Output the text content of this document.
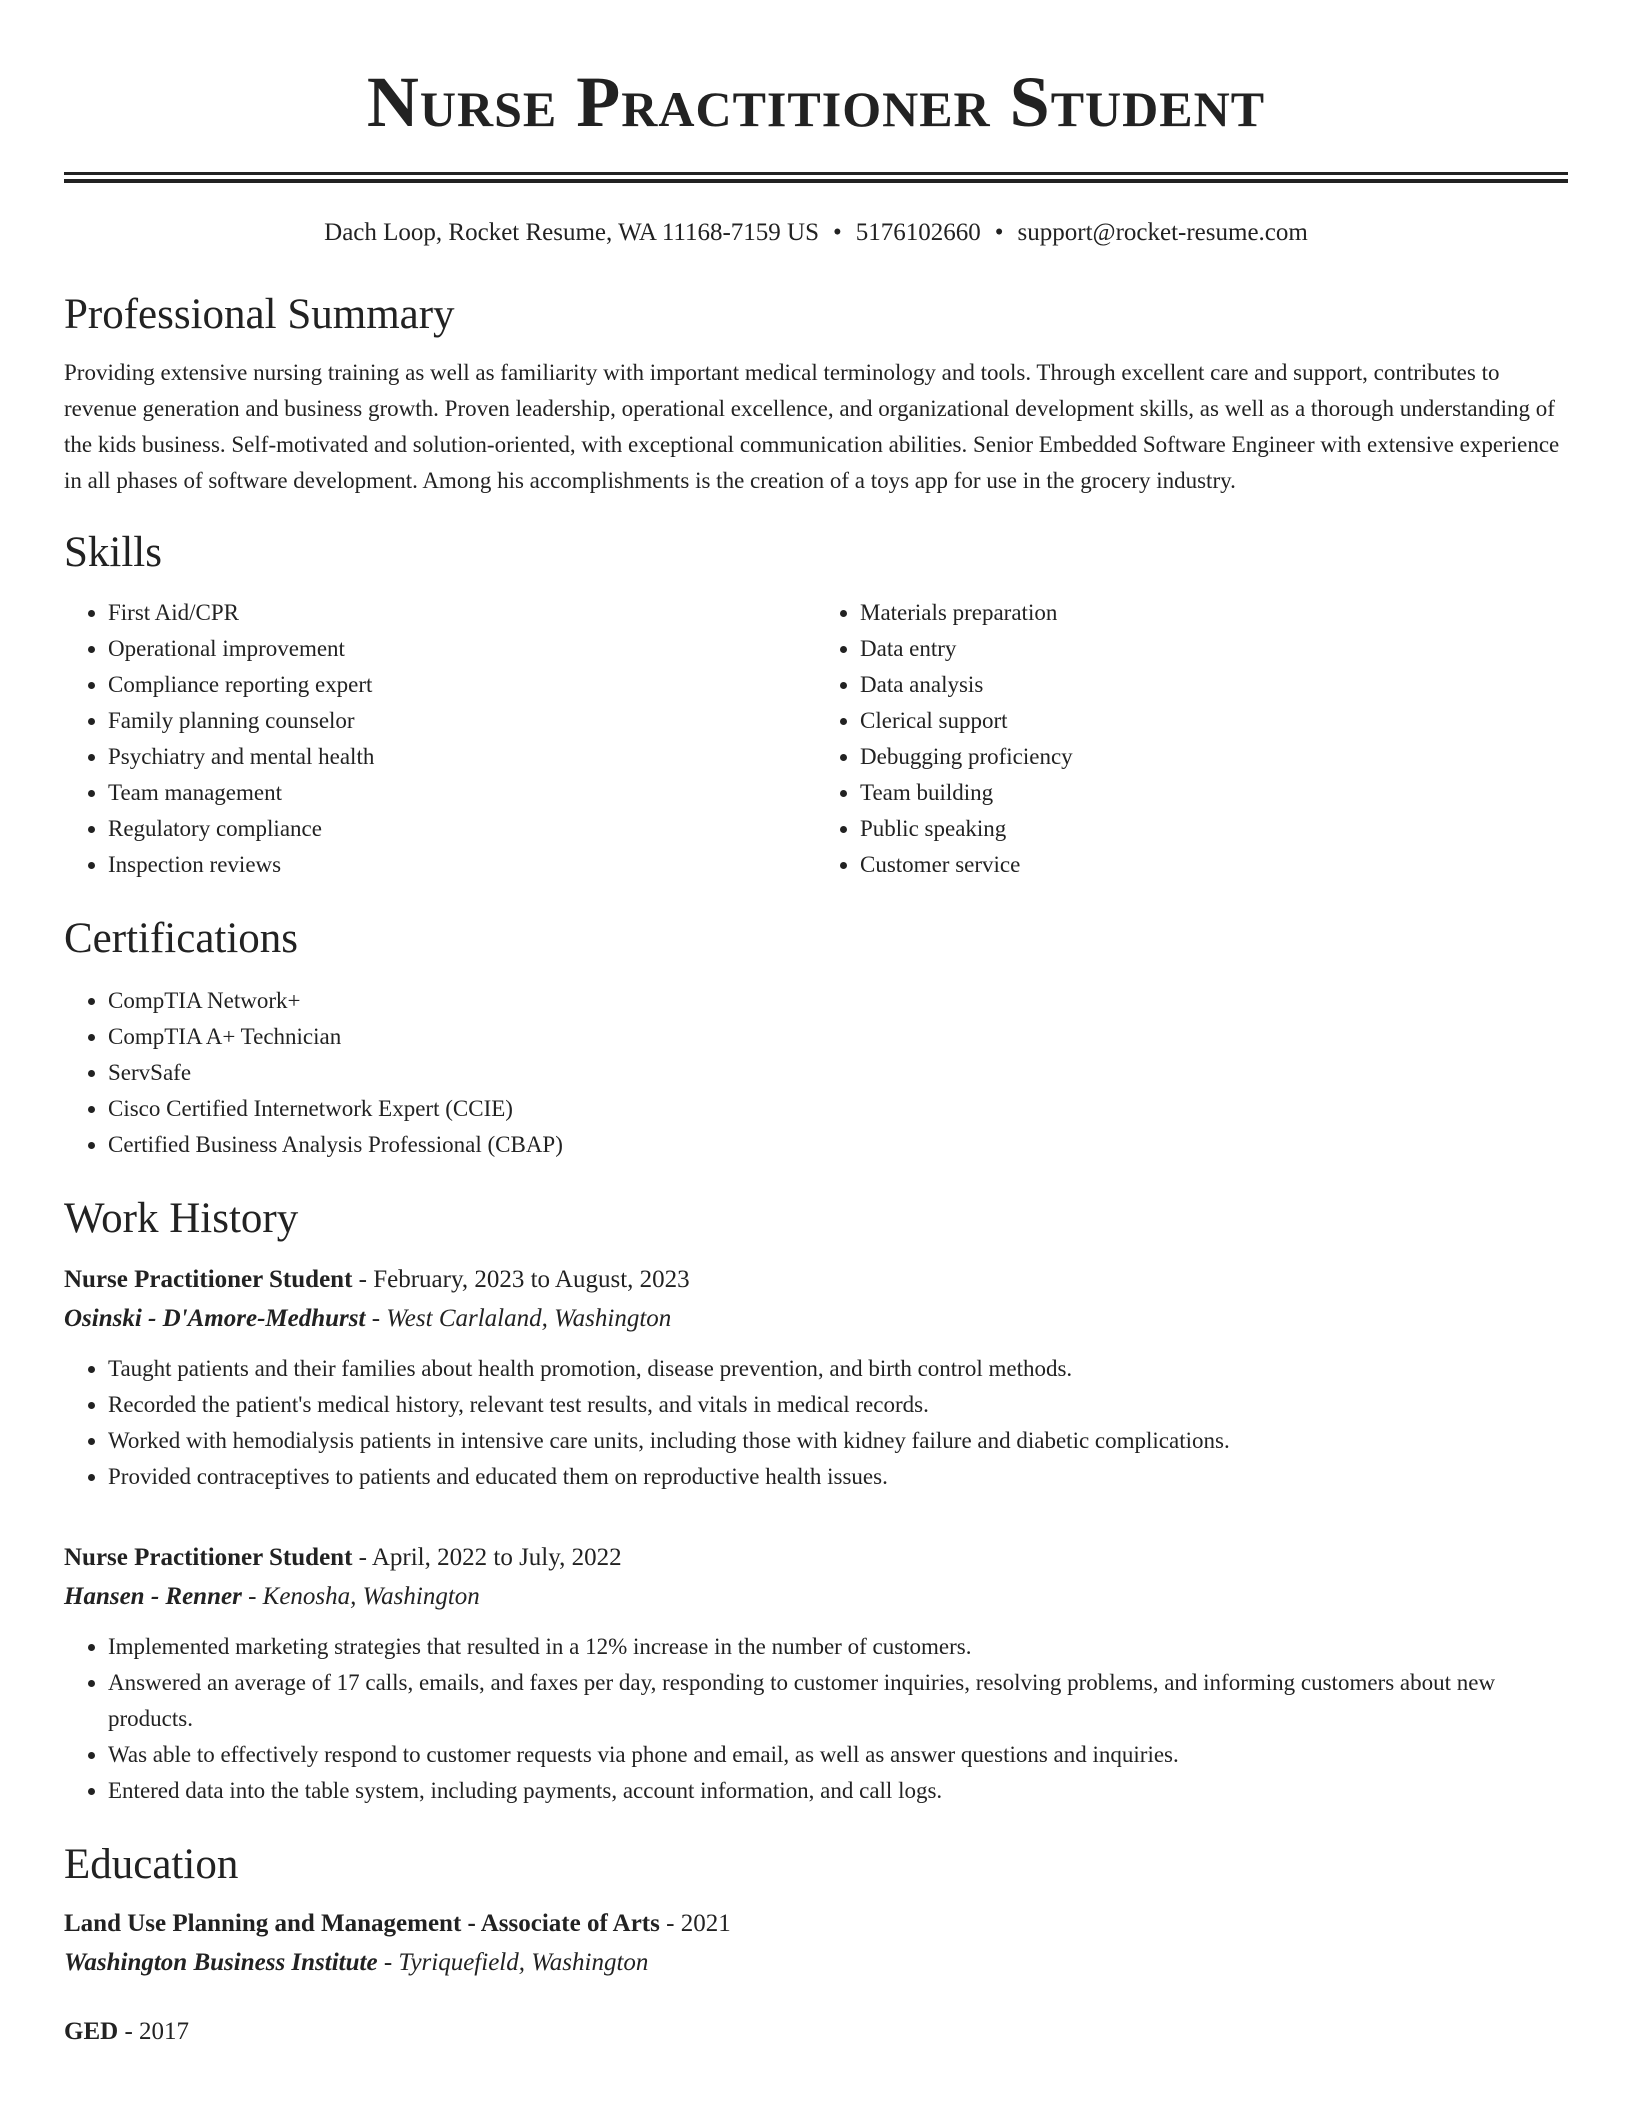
Nurse Practitioner Student
Dach Loop, Rocket Resume, WA 11168-7159 US • 5176102660 • support@rocket-resume.com
Professional Summary

Providing extensive nursing training as well as familiarity with important medical terminology and tools. Through excellent care and support, contributes to revenue generation and business growth. Proven leadership, operational excellence, and organizational development skills, as well as a thorough understanding of the kids business. Self-motivated and solution-oriented, with exceptional communication abilities. Senior Embedded Software Engineer with extensive experience in all phases of software development. Among his accomplishments is the creation of a toys app for use in the grocery industry.

Skills
• First Aid/CPR
• Operational improvement
• Compliance reporting expert
• Family planning counselor
• Psychiatry and mental health
• Team management
• Regulatory compliance
• Inspection reviews
• Materials preparation
• Data entry
• Data analysis
• Clerical support
• Debugging proficiency
• Team building
• Public speaking
• Customer service
Certifications
• CompTIA Network+
• CompTIA A+ Technician
• ServSafe
• Cisco Certified Internetwork Expert (CCIE)
• Certified Business Analysis Professional (CBAP)
Work History
Nurse Practitioner Student - February, 2023 to August, 2023
Osinski - D'Amore-Medhurst - West Carlaland, Washington
• Taught patients and their families about health promotion, disease prevention, and birth control methods.
• Recorded the patient's medical history, relevant test results, and vitals in medical records.
• Worked with hemodialysis patients in intensive care units, including those with kidney failure and diabetic complications.
• Provided contraceptives to patients and educated them on reproductive health issues.
Nurse Practitioner Student - April, 2022 to July, 2022
Hansen - Renner - Kenosha, Washington
• Implemented marketing strategies that resulted in a 12% increase in the number of customers.
• Answered an average of 17 calls, emails, and faxes per day, responding to customer inquiries, resolving problems, and informing customers about new products.
• Was able to effectively respond to customer requests via phone and email, as well as answer questions and inquiries.
• Entered data into the table system, including payments, account information, and call logs.
Education
Land Use Planning and Management - Associate of Arts - 2021
Washington Business Institute - Tyriquefield, Washington
GED - 2017
